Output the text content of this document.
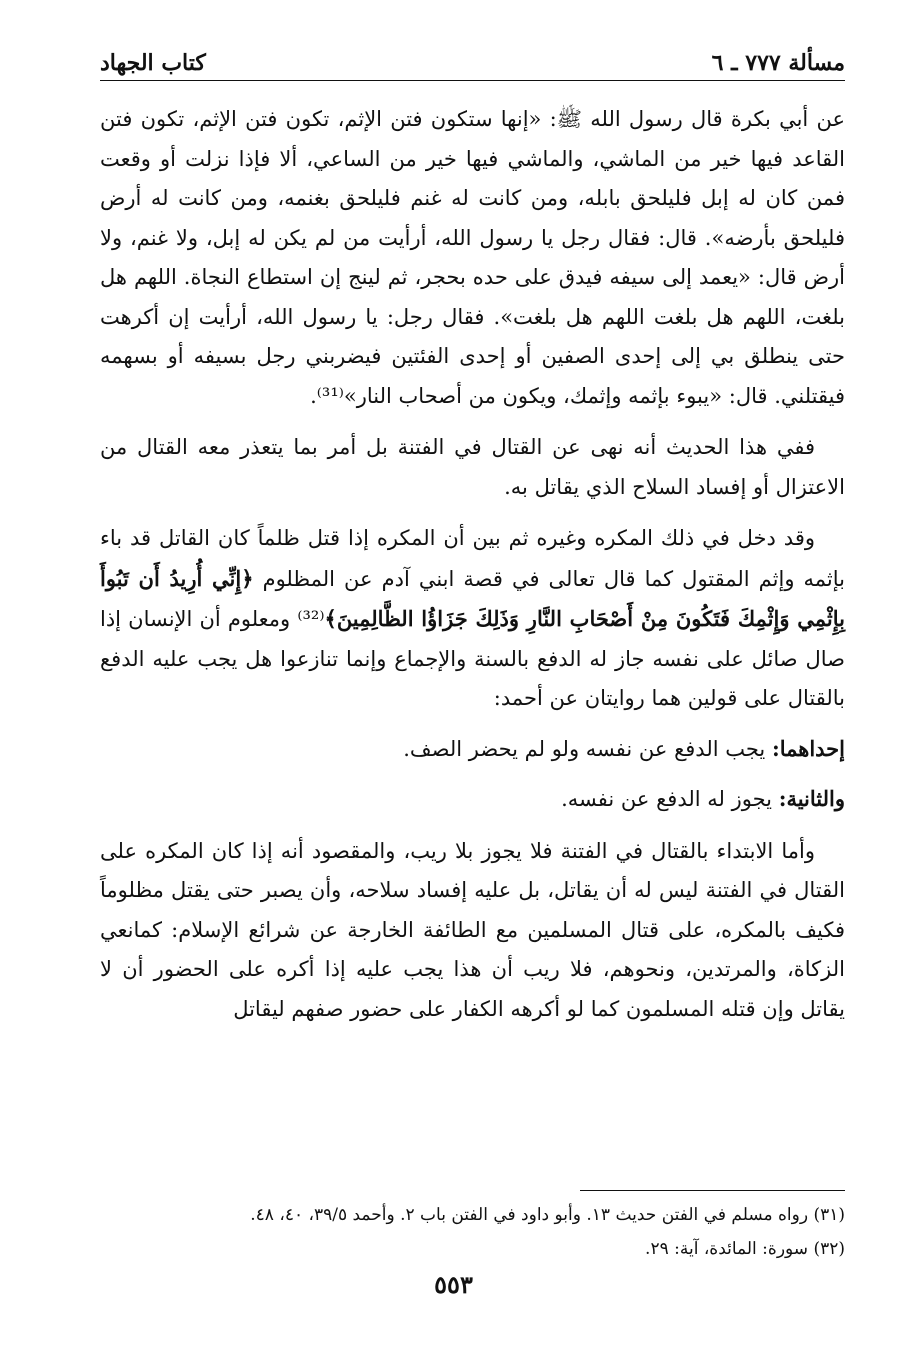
مسألة ٧٧٧ ـ ٦
كتاب الجهاد

عن أبي بكرة قال رسول الله ﷺ: «إنها ستكون فتن الإثم، تكون فتن الإثم، تكون فتن القاعد فيها خير من الماشي، والماشي فيها خير من الساعي، ألا فإذا نزلت أو وقعت فمن كان له إبل فليلحق بابله، ومن كانت له غنم فليلحق بغنمه، ومن كانت له أرض فليلحق بأرضه». قال: فقال رجل يا رسول الله، أرأيت من لم يكن له إبل، ولا غنم، ولا أرض قال: «يعمد إلى سيفه فيدق على حده بحجر، ثم لينج إن استطاع النجاة. اللهم هل بلغت، اللهم هل بلغت اللهم هل بلغت». فقال رجل: يا رسول الله، أرأيت إن أكرهت حتى ينطلق بي إلى إحدى الصفين أو إحدى الفئتين فيضربني رجل بسيفه أو بسهمه فيقتلني. قال: «يبوء بإثمه وإثمك، ويكون من أصحاب النار»⁽³¹⁾.

ففي هذا الحديث أنه نهى عن القتال في الفتنة بل أمر بما يتعذر معه القتال من الاعتزال أو إفساد السلاح الذي يقاتل به.

وقد دخل في ذلك المكره وغيره ثم بين أن المكره إذا قتل ظلماً كان القاتل قد باء بإثمه وإثم المقتول كما قال تعالى في قصة ابني آدم عن المظلوم ﴿إِنِّي أُرِيدُ أَن تَبُوأَ بِإِثْمِي وَإِثْمِكَ فَتَكُونَ مِنْ أَصْحَابِ النَّارِ وَذَلِكَ جَزَاؤُا الظَّالِمِينَ﴾⁽³²⁾ ومعلوم أن الإنسان إذا صال صائل على نفسه جاز له الدفع بالسنة والإجماع وإنما تنازعوا هل يجب عليه الدفع بالقتال على قولين هما روايتان عن أحمد:

إحداهما: يجب الدفع عن نفسه ولو لم يحضر الصف.

والثانية: يجوز له الدفع عن نفسه.

وأما الابتداء بالقتال في الفتنة فلا يجوز بلا ريب، والمقصود أنه إذا كان المكره على القتال في الفتنة ليس له أن يقاتل، بل عليه إفساد سلاحه، وأن يصبر حتى يقتل مظلوماً فكيف بالمكره، على قتال المسلمين مع الطائفة الخارجة عن شرائع الإسلام: كمانعي الزكاة، والمرتدين، ونحوهم، فلا ريب أن هذا يجب عليه إذا أكره على الحضور أن لا يقاتل وإن قتله المسلمون كما لو أكرهه الكفار على حضور صفهم ليقاتل

(٣١) رواه مسلم في الفتن حديث ١٣. وأبو داود في الفتن باب ٢. وأحمد ٣٩/٥، ٤٠، ٤٨.

(٣٢) سورة: المائدة، آية: ٢٩.

٥٥٣
